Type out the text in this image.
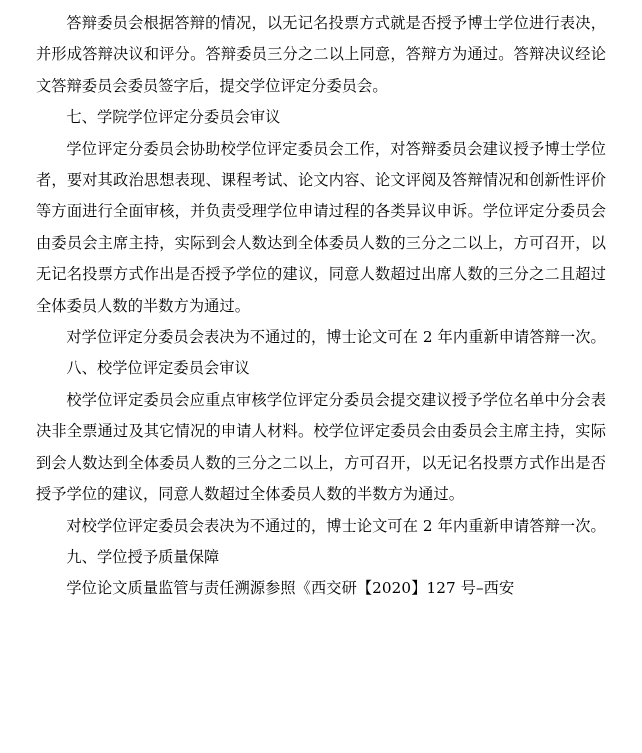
答辩委员会根据答辩的情况，以无记名投票方式就是否授予博士学位进行表决，并形成答辩决议和评分。答辩委员三分之二以上同意，答辩方为通过。答辩决议经论文答辩委员会委员签字后，提交学位评定分委员会。

七、学院学位评定分委员会审议

学位评定分委员会协助校学位评定委员会工作，对答辩委员会建议授予博士学位者，要对其政治思想表现、课程考试、论文内容、论文评阅及答辩情况和创新性评价等方面进行全面审核，并负责受理学位申请过程的各类异议申诉。学位评定分委员会由委员会主席主持，实际到会人数达到全体委员人数的三分之二以上，方可召开，以无记名投票方式作出是否授予学位的建议，同意人数超过出席人数的三分之二且超过全体委员人数的半数方为通过。

对学位评定分委员会表决为不通过的，博士论文可在 2 年内重新申请答辩一次。

八、校学位评定委员会审议

校学位评定委员会应重点审核学位评定分委员会提交建议授予学位名单中分会表决非全票通过及其它情况的申请人材料。校学位评定委员会由委员会主席主持，实际到会人数达到全体委员人数的三分之二以上，方可召开，以无记名投票方式作出是否授予学位的建议，同意人数超过全体委员人数的半数方为通过。

对校学位评定委员会表决为不通过的，博士论文可在 2 年内重新申请答辩一次。

九、学位授予质量保障

学位论文质量监管与责任溯源参照《西交研【2020】127 号–西安
